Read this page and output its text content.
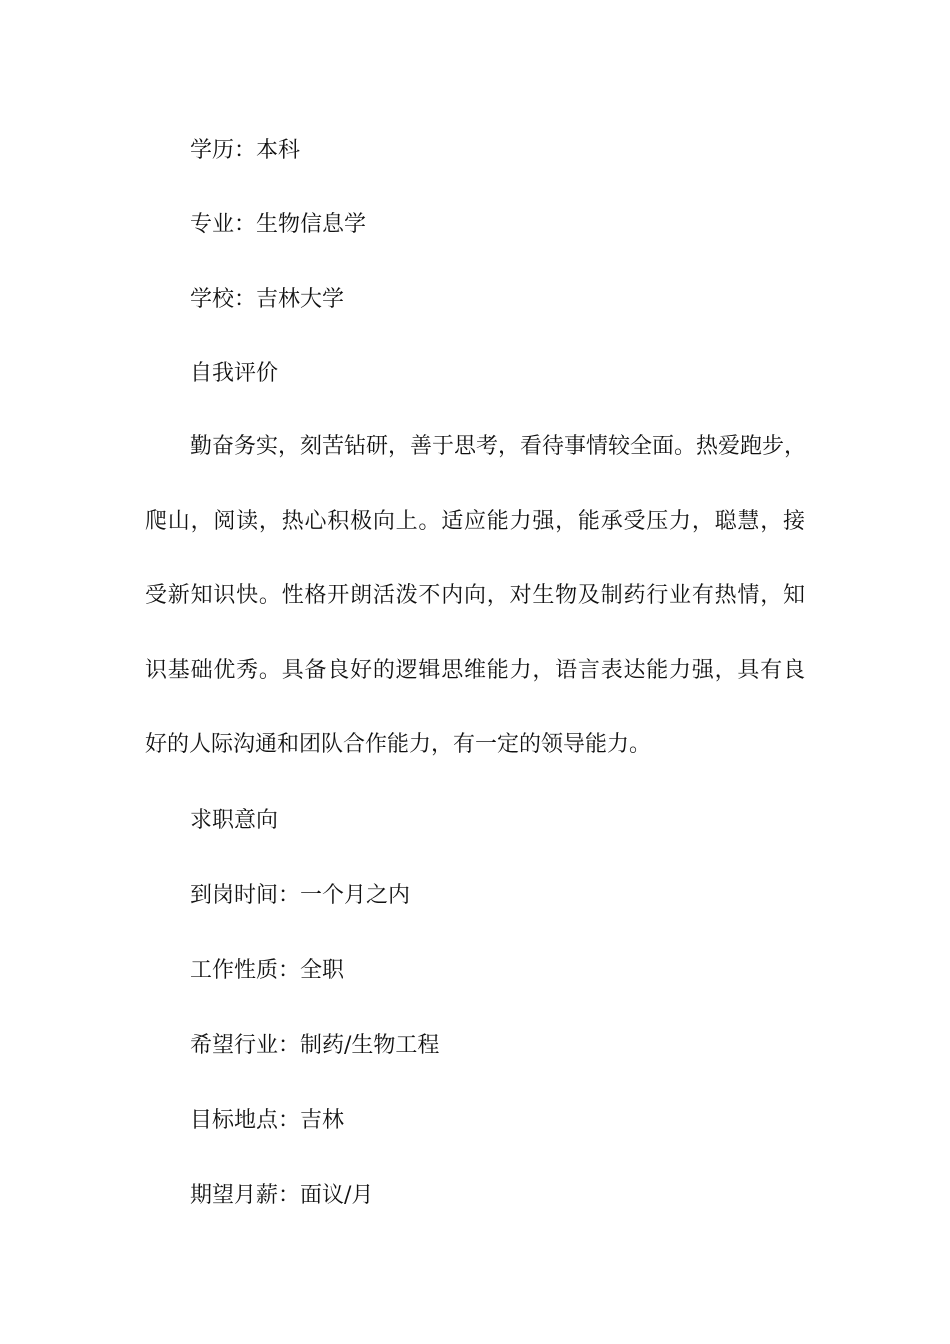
学历：本科

专业：生物信息学

学校：吉林大学

自我评价

勤奋务实，刻苦钻研，善于思考，看待事情较全面。热爱跑步，
爬山，阅读，热心积极向上。适应能力强，能承受压力，聪慧，接
受新知识快。性格开朗活泼不内向，对生物及制药行业有热情，知
识基础优秀。具备良好的逻辑思维能力，语言表达能力强，具有良
好的人际沟通和团队合作能力，有一定的领导能力。

求职意向

到岗时间：一个月之内

工作性质：全职

希望行业：制药/生物工程

目标地点：吉林

期望月薪：面议/月
